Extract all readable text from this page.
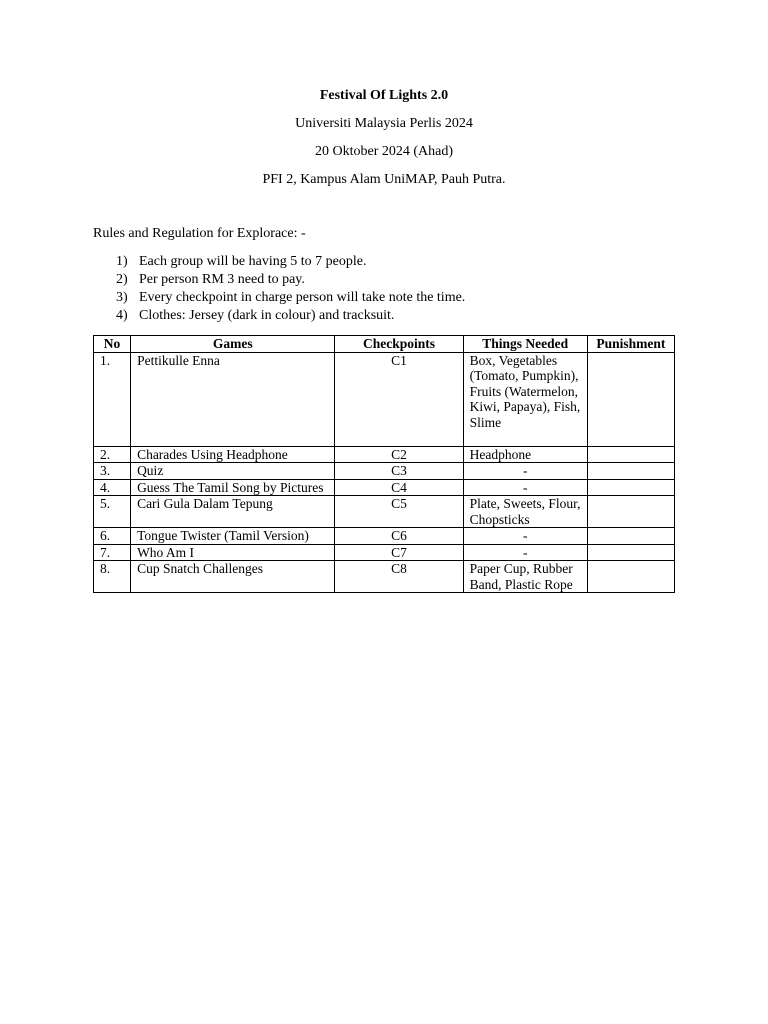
Festival Of Lights 2.0
Universiti Malaysia Perlis 2024
20 Oktober 2024 (Ahad)
PFI 2, Kampus Alam UniMAP, Pauh Putra.
Rules and Regulation for Explorace: -
1) Each group will be having 5 to 7 people.
2) Per person RM 3 need to pay.
3) Every checkpoint in charge person will take note the time.
4) Clothes: Jersey (dark in colour) and tracksuit.
No	Games	Checkpoints	Things Needed	Punishment
1.	Pettikulle Enna	C1	Box, Vegetables (Tomato, Pumpkin), Fruits (Watermelon, Kiwi, Papaya), Fish, Slime	
2.	Charades Using Headphone	C2	Headphone	
3.	Quiz	C3	-	
4.	Guess The Tamil Song by Pictures	C4	-	
5.	Cari Gula Dalam Tepung	C5	Plate, Sweets, Flour, Chopsticks	
6.	Tongue Twister (Tamil Version)	C6	-	
7.	Who Am I	C7	-	
8.	Cup Snatch Challenges	C8	Paper Cup, Rubber Band, Plastic Rope	
